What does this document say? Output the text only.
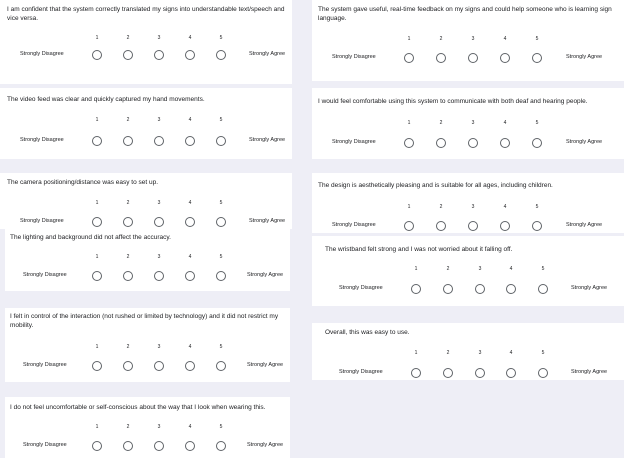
I am confident that the system correctly translated my signs into understandable text/speech and vice versa.
Strongly Disagree	Strongly Agree
1	2	3	4	5
The video feed was clear and quickly captured my hand movements.
Strongly Disagree	Strongly Agree
1	2	3	4	5
The camera positioning/distance was easy to set up.
Strongly Disagree	Strongly Agree
1	2	3	4	5
The lighting and background did not affect the accuracy.
Strongly Disagree	Strongly Agree
1	2	3	4	5
I felt in control of the interaction (not rushed or limited by technology) and it did not restrict my mobility.
Strongly Disagree	Strongly Agree
1	2	3	4	5
I do not feel uncomfortable or self-conscious about the way that I look when wearing this.
Strongly Disagree	Strongly Agree
1	2	3	4	5
The system gave useful, real-time feedback on my signs and could help someone who is learning sign language.
Strongly Disagree	Strongly Agree
1	2	3	4	5
I would feel comfortable using this system to communicate with both deaf and hearing people.
Strongly Disagree	Strongly Agree
1	2	3	4	5
The design is aesthetically pleasing and is suitable for all ages, including children.
Strongly Disagree	Strongly Agree
1	2	3	4	5
The wristband felt strong and I was not worried about it falling off.
Strongly Disagree	Strongly Agree
1	2	3	4	5
Overall, this was easy to use.
Strongly Disagree	Strongly Agree
1	2	3	4	5
